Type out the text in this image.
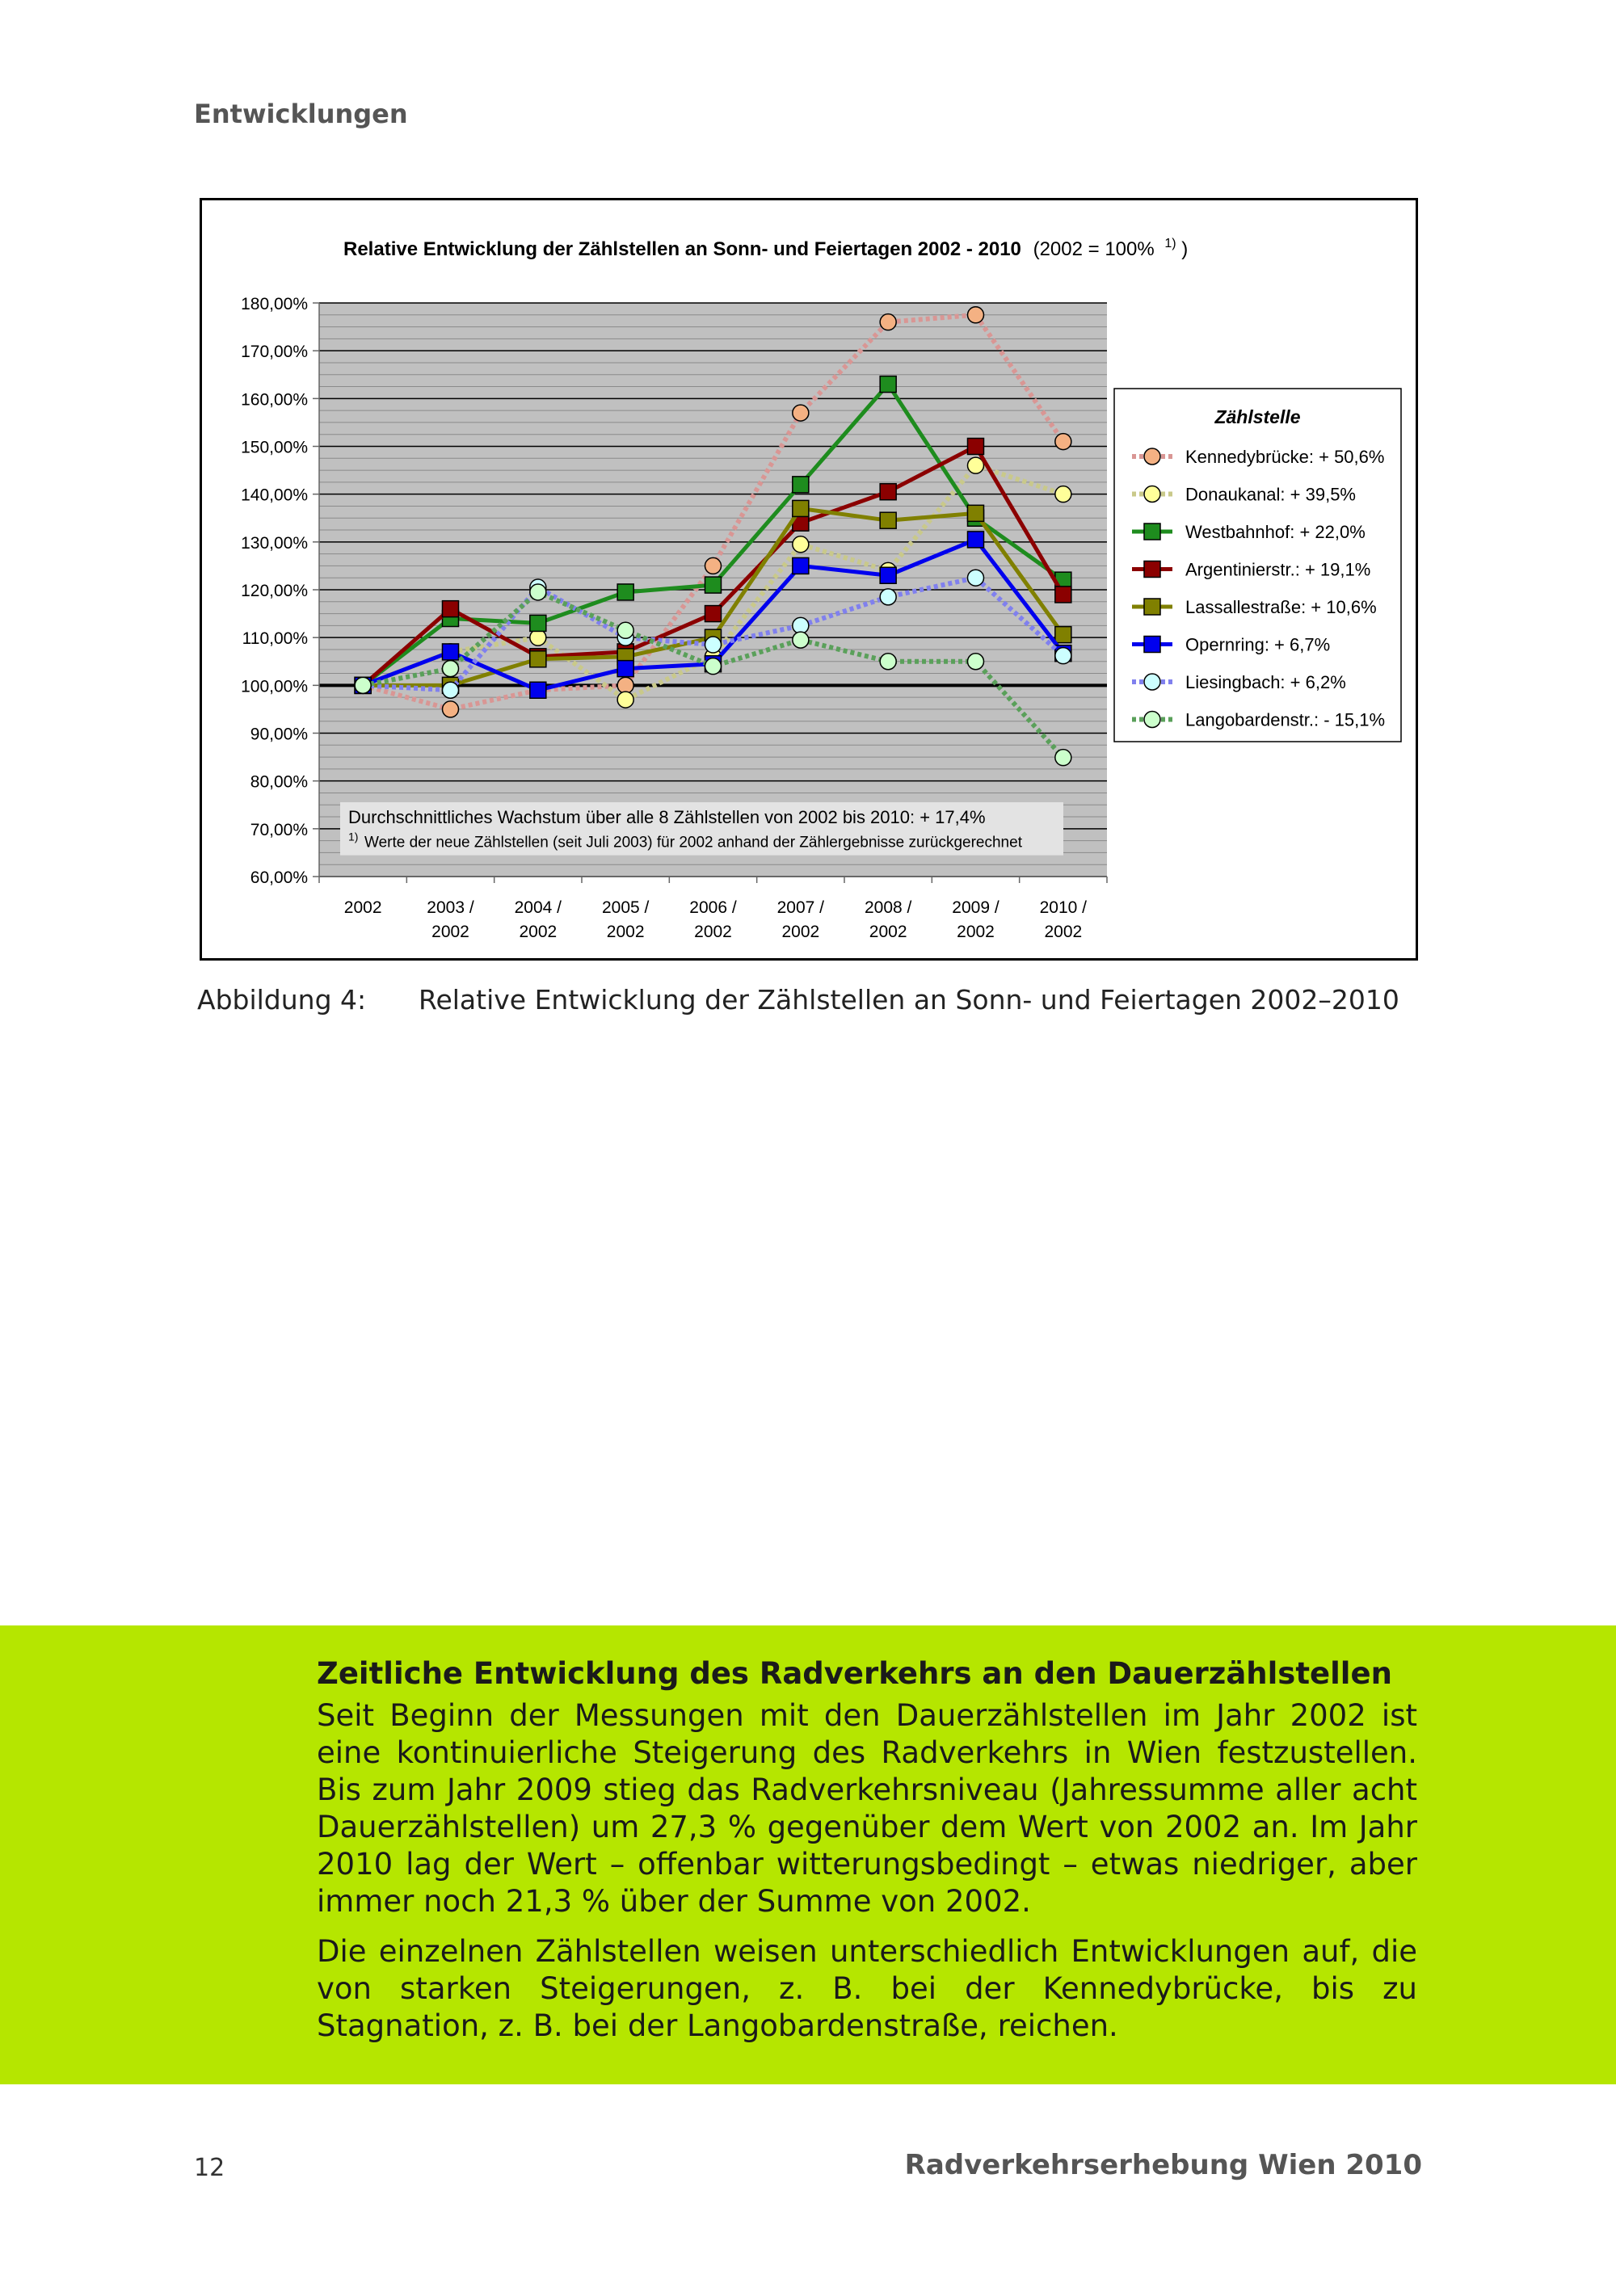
Entwicklungen
Relative Entwicklung der Zählstellen an Sonn- und Feiertagen 2002 - 2010 (2002 = 100% $^{1)}$ )
180,00%
170,00%
160,00%
150,00%
140,00%
130,00%
120,00%
110,00%
100,00%
90,00%
80,00%
70,00%
60,00%
2002	2003 /
2002
2004 /
2002
2005 /
2002
2006 /
2002
2007 /
2002
2008 /
2002
2009 /
2002
2010 /
2002
Durchschnittliches Wachstum über alle 8 Zählstellen von 2002 bis 2010: + 17,4%
1) Werte der neue Zählstellen (seit Juli 2003) für 2002 anhand der Zählergebnisse zurückgerechnet
Zählstelle
Kennedybrücke: + 50,6%
Donaukanal: + 39,5%
Westbahnhof: + 22,0%
Argentinierstr.: + 19,1%
Lassallestraße: + 10,6%
Opernring: + 6,7%
Liesingbach: + 6,2%
Langobardenstr.: - 15,1%
Abbildung 4: Relative Entwicklung der Zählstellen an Sonn- und Feiertagen 2002–2010
Zeitliche Entwicklung des Radverkehrs an den Dauerzählstellen

Seit Beginn der Messungen mit den Dauerzählstellen im Jahr 2002 ist eine kontinuierliche Steigerung des Radverkehrs in Wien festzustellen. Bis zum Jahr 2009 stieg das Radverkehrsniveau (Jahressumme aller acht Dauerzählstellen) um 27,3 % gegenüber dem Wert von 2002 an. Im Jahr 2010 lag der Wert – offenbar witterungsbedingt – etwas niedriger, aber immer noch 21,3 % über der Summe von 2002.

Die einzelnen Zählstellen weisen unterschiedlich Entwicklungen auf, die von starken Steigerungen, z. B. bei der Kennedybrücke, bis zu Stagnation, z. B. bei der Langobardenstraße, reichen.

12	Radverkehrserhebung Wien 2010
